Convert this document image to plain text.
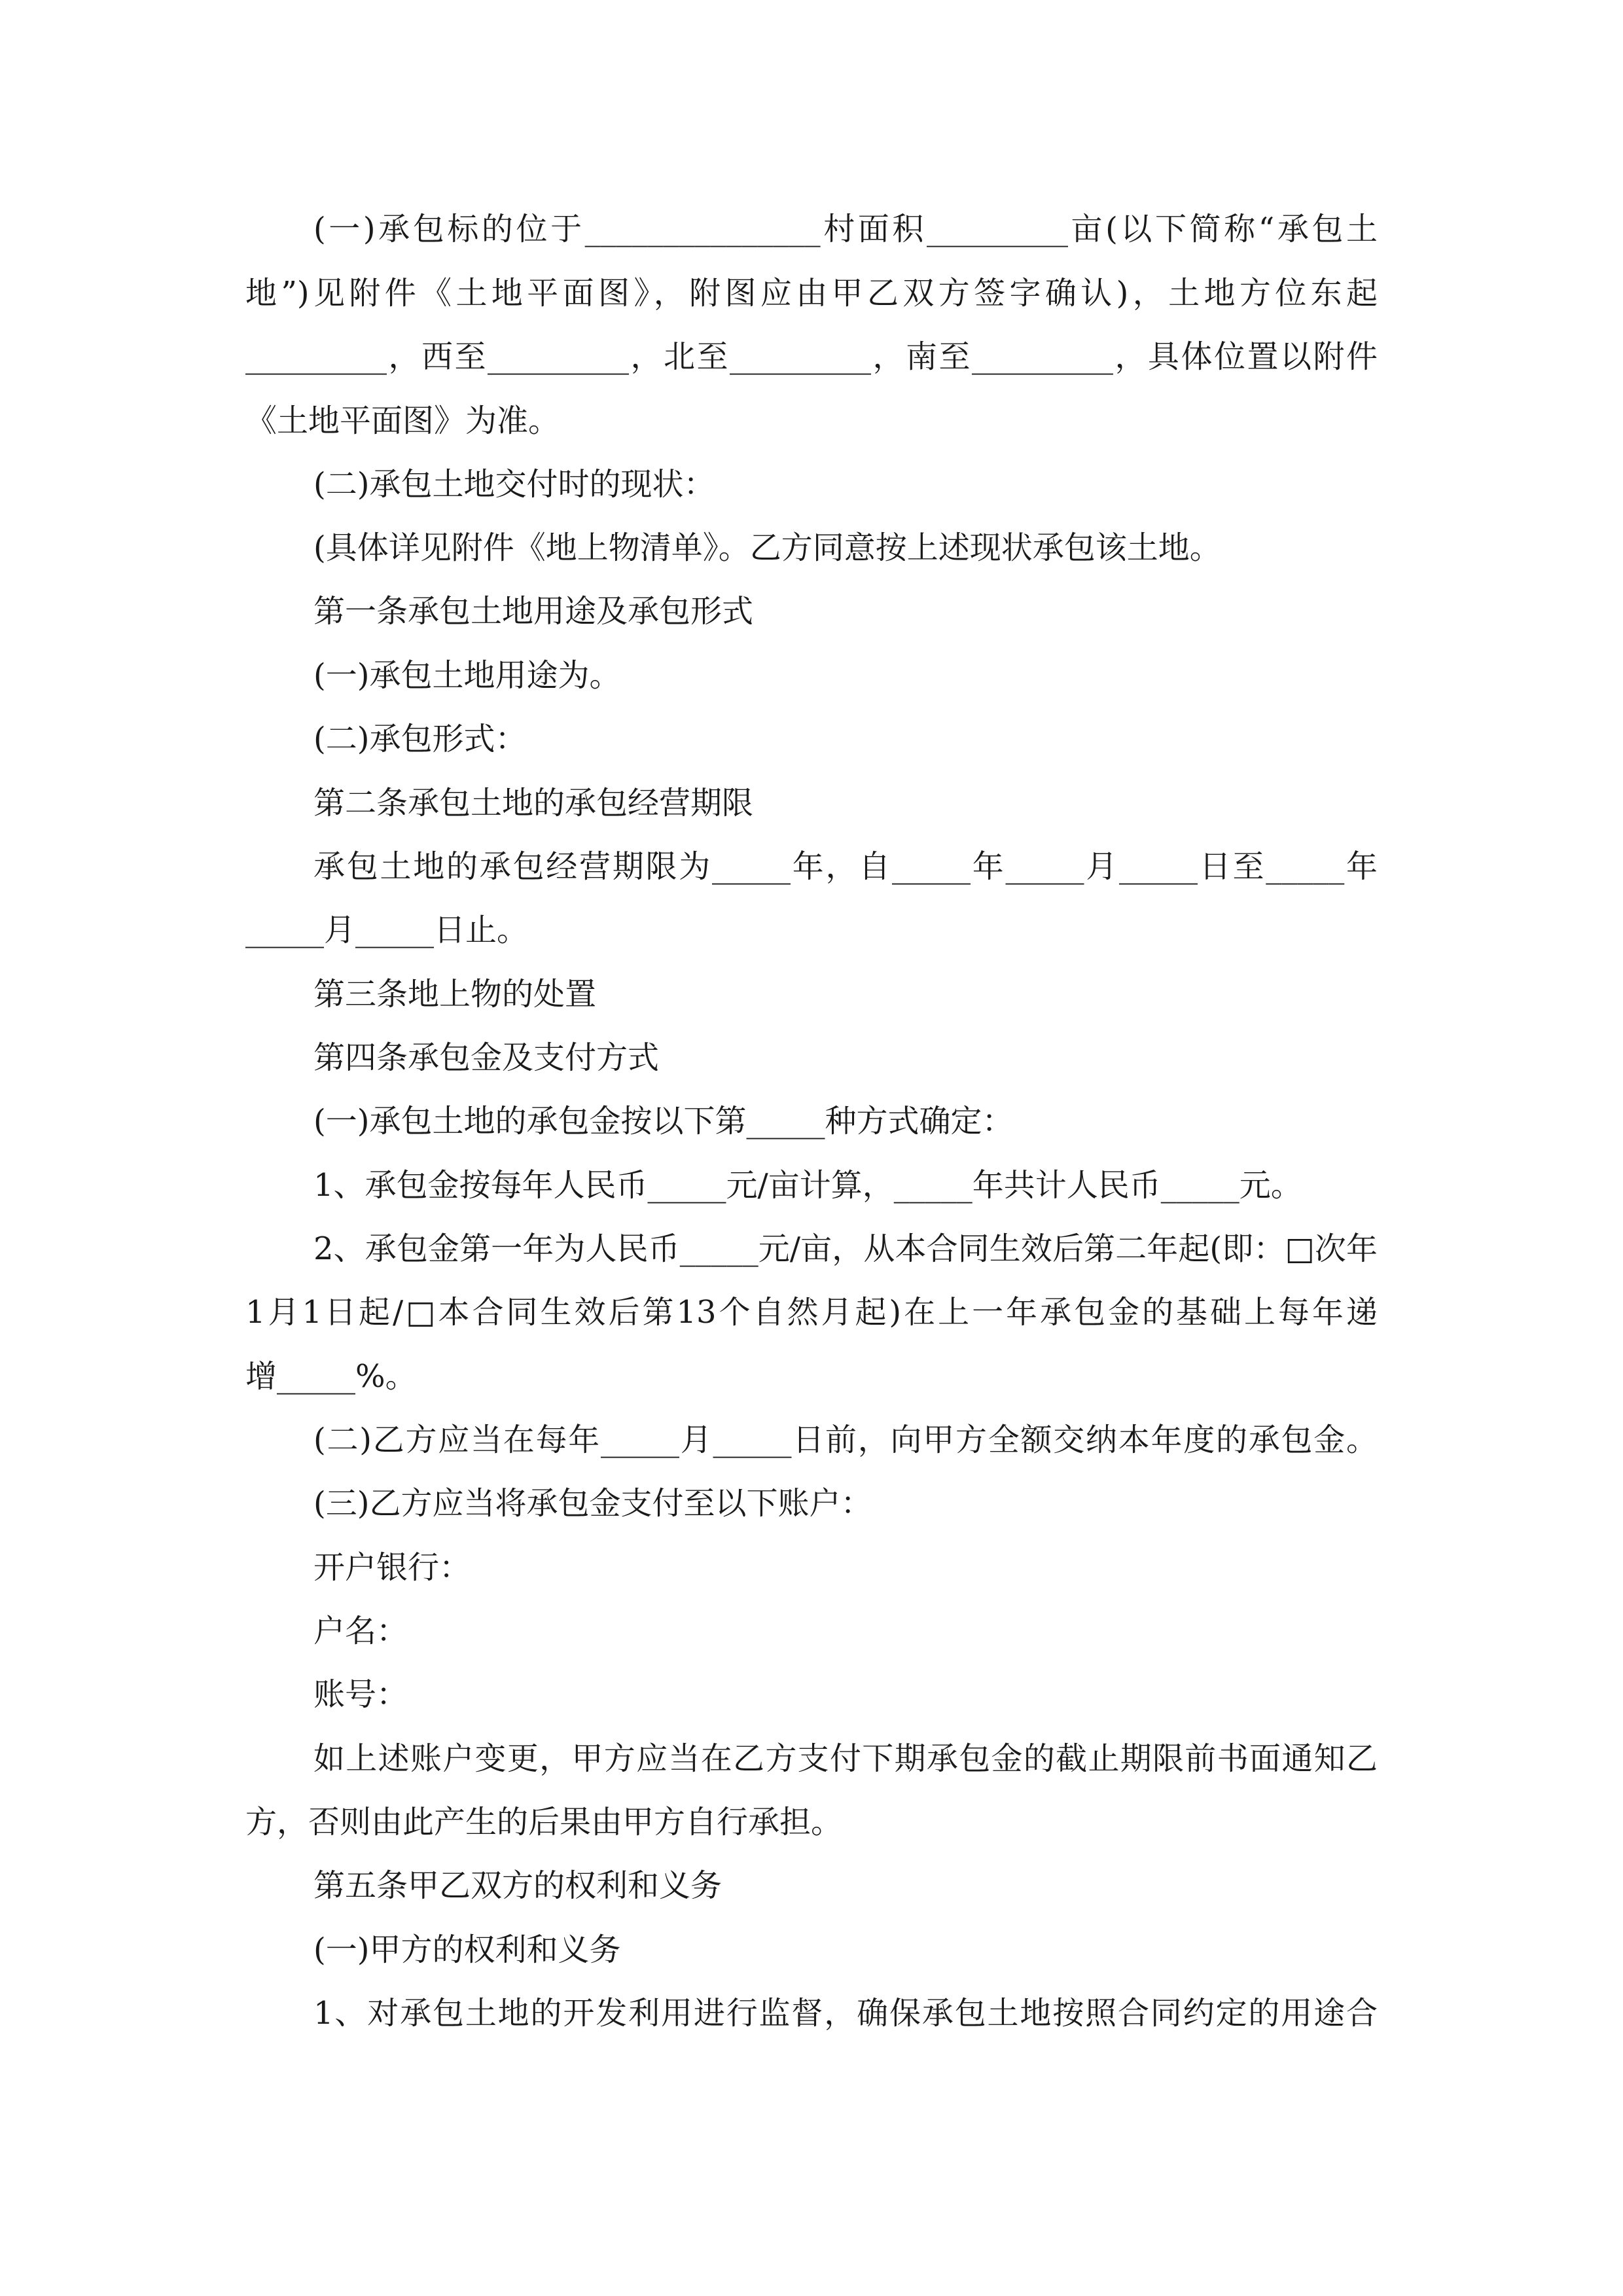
(一)承包标的位于_______________村面积_________亩(以下简称“承包土
地”)见附件《土地平面图》，附图应由甲乙双方签字确认)，土地方位东起
_________，西至_________，北至_________，南至_________，具体位置以附件
《土地平面图》为准。
(二)承包土地交付时的现状：
(具体详见附件《地上物清单》。乙方同意按上述现状承包该土地。
第一条承包土地用途及承包形式
(一)承包土地用途为。
(二)承包形式：
第二条承包土地的承包经营期限
承包土地的承包经营期限为_____年，自_____年_____月_____日至_____年
_____月_____日止。
第三条地上物的处置
第四条承包金及支付方式
(一)承包土地的承包金按以下第_____种方式确定：
1、承包金按每年人民币_____元/亩计算，_____年共计人民币_____元。
2、承包金第一年为人民币_____元/亩，从本合同生效后第二年起(即：□次年
1月1日起/□本合同生效后第13个自然月起)在上一年承包金的基础上每年递
增_____%。
(二)乙方应当在每年_____月_____日前，向甲方全额交纳本年度的承包金。
(三)乙方应当将承包金支付至以下账户：
开户银行：
户名：
账号：
如上述账户变更，甲方应当在乙方支付下期承包金的截止期限前书面通知乙
方，否则由此产生的后果由甲方自行承担。
第五条甲乙双方的权利和义务
(一)甲方的权利和义务
1、对承包土地的开发利用进行监督，确保承包土地按照合同约定的用途合
